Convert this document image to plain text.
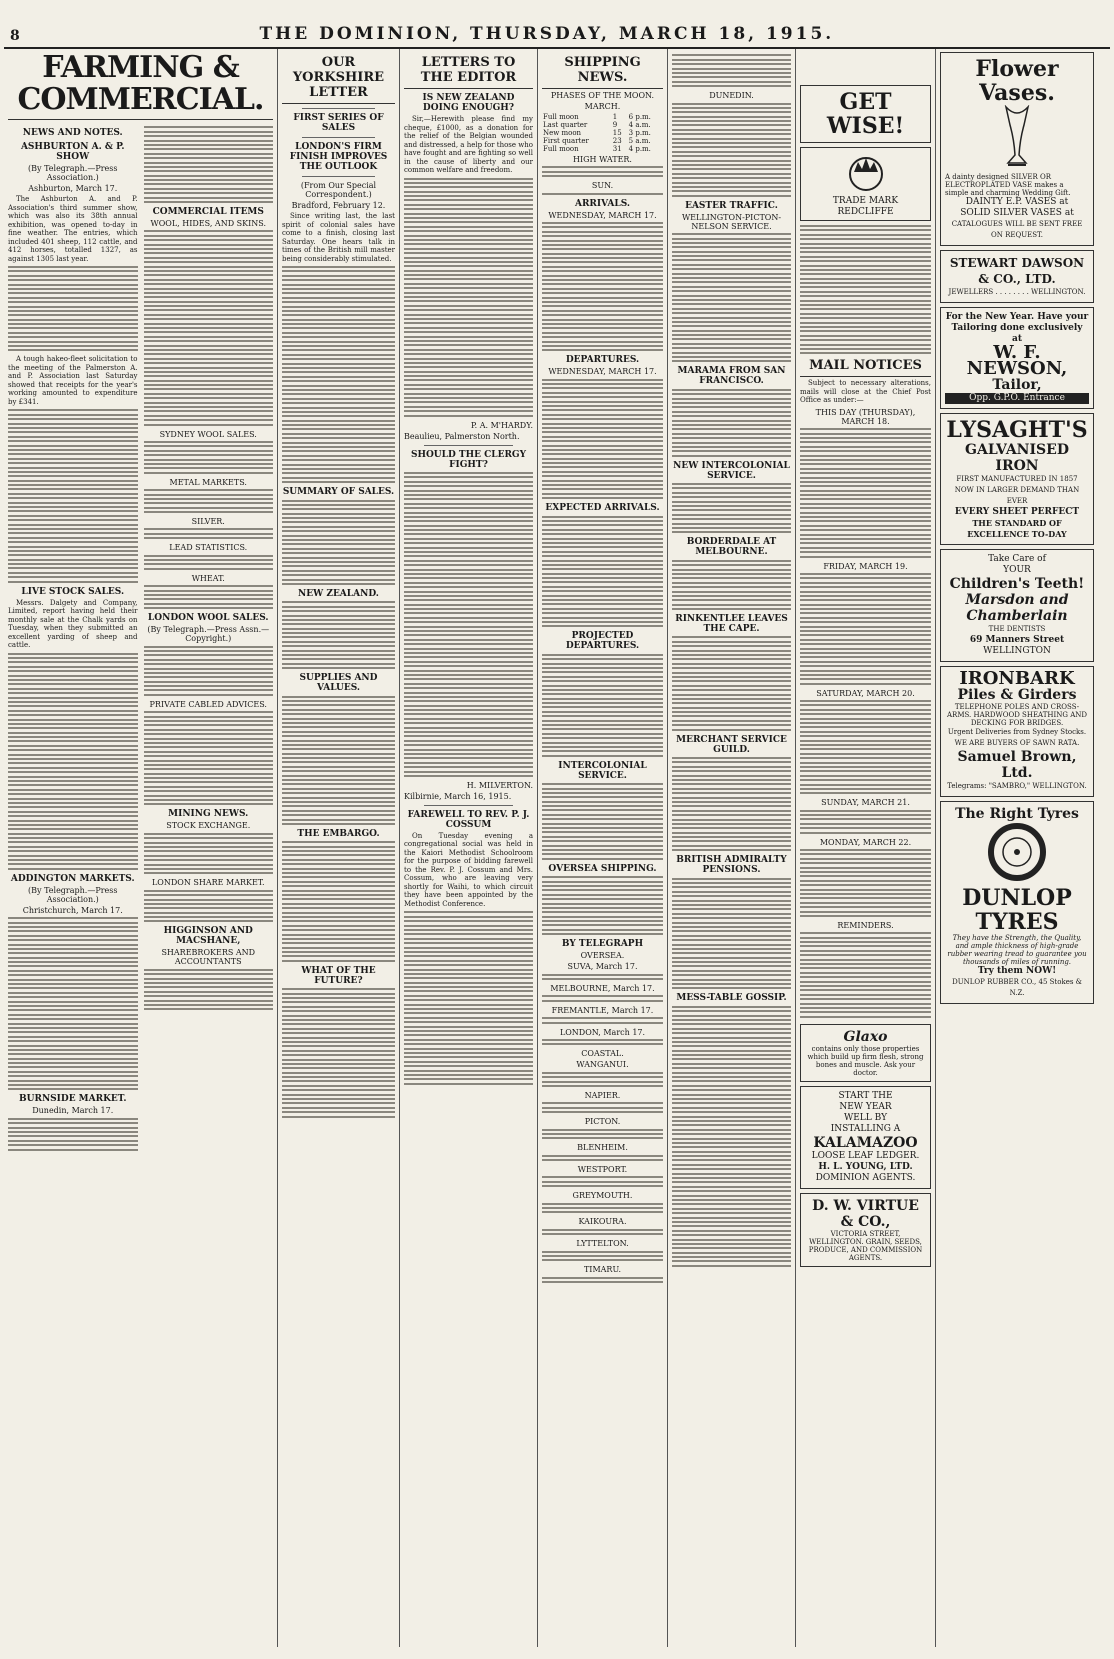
8	THE DOMINION, THURSDAY, MARCH 18, 1915.
FARMING & COMMERCIAL.
NEWS AND NOTES.
ASHBURTON A. & P. SHOW
(By Telegraph.—Press Association.)
Ashburton, March 17.

The Ashburton A. and P. Association's third summer show, which was also its 38th annual exhibition, was opened to-day in fine weather. The entries, which included 401 sheep, 112 cattle, and 412 horses, totalled 1327, as against 1305 last year.

A tough hakeo-fleet solicitation to the meeting of the Palmerston A. and P. Association last Saturday showed that receipts for the year's working amounted to expenditure by £341.

LIVE STOCK SALES.

Messrs. Dalgety and Company, Limited, report having held their monthly sale at the Chalk yards on Tuesday, when they submitted an excellent yarding of sheep and cattle.

ADDINGTON MARKETS.
(By Telegraph.—Press Association.)
Christchurch, March 17.
BURNSIDE MARKET.
Dunedin, March 17.
COMMERCIAL ITEMS
WOOL, HIDES, AND SKINS.
SYDNEY WOOL SALES.
METAL MARKETS.
SILVER.
LEAD STATISTICS.
WHEAT.
LONDON WOOL SALES.
(By Telegraph.—Press Assn.—Copyright.)
PRIVATE CABLED ADVICES.
MINING NEWS.
STOCK EXCHANGE.
LONDON SHARE MARKET.
HIGGINSON AND MACSHANE,
SHAREBROKERS AND ACCOUNTANTS
OUR YORKSHIRE LETTER
FIRST SERIES OF SALES
LONDON'S FIRM FINISH IMPROVES THE OUTLOOK
(From Our Special Correspondent.)
Bradford, February 12.

Since writing last, the last spirit of colonial sales have come to a finish, closing last Saturday. One hears talk in times of the British mill master being considerably stimulated.

SUMMARY OF SALES.
NEW ZEALAND.
SUPPLIES AND VALUES.
THE EMBARGO.
WHAT OF THE FUTURE?
LETTERS TO THE EDITOR
IS NEW ZEALAND DOING ENOUGH?

Sir,—Herewith please find my cheque, £1000, as a donation for the relief of the Belgian wounded and distressed, a help for those who have fought and are fighting so well in the cause of liberty and our common welfare and freedom.

P. A. M'HARDY.
Beaulieu, Palmerston North.
SHOULD THE CLERGY FIGHT?
H. MILVERTON.
Kilbirnie, March 16, 1915.
FAREWELL TO REV. P. J. COSSUM

On Tuesday evening a congregational social was held in the Kaiori Methodist Schoolroom for the purpose of bidding farewell to the Rev. P. J. Cossum and Mrs. Cossum, who are leaving very shortly for Waihi, to which circuit they have been appointed by the Methodist Conference.

SHIPPING NEWS.
PHASES OF THE MOON.
MARCH.
Full moon	1	6 p.m.
Last quarter	9	4 a.m.
New moon	15	3 p.m.
First quarter	23	5 a.m.
Full moon	31	4 p.m.
HIGH WATER.
SUN.
ARRIVALS.
WEDNESDAY, MARCH 17.
DEPARTURES.
WEDNESDAY, MARCH 17.
EXPECTED ARRIVALS.
PROJECTED DEPARTURES.
INTERCOLONIAL SERVICE.
OVERSEA SHIPPING.
BY TELEGRAPH
OVERSEA.
SUVA, March 17.
MELBOURNE, March 17.
FREMANTLE, March 17.
LONDON, March 17.
COASTAL.
WANGANUI.
NAPIER.
PICTON.
BLENHEIM.
WESTPORT.
GREYMOUTH.
KAIKOURA.
LYTTELTON.
TIMARU.
DUNEDIN.
EASTER TRAFFIC.
WELLINGTON-PICTON-NELSON SERVICE.
MARAMA FROM SAN FRANCISCO.
NEW INTERCOLONIAL SERVICE.
BORDERDALE AT MELBOURNE.
RINKENTLEE LEAVES THE CAPE.
MERCHANT SERVICE GUILD.
BRITISH ADMIRALTY PENSIONS.
MESS-TABLE GOSSIP.
GET WISE!
TRADE MARK
REDCLIFFE
MAIL NOTICES

Subject to necessary alterations, mails will close at the Chief Post Office as under:—

THIS DAY (THURSDAY), MARCH 18.
FRIDAY, MARCH 19.
SATURDAY, MARCH 20.
SUNDAY, MARCH 21.
MONDAY, MARCH 22.
REMINDERS.
Glaxo
contains only those properties which build up firm flesh, strong bones and muscle. Ask your doctor.
START THE
NEW YEAR
WELL BY
INSTALLING A
KALAMAZOO
LOOSE LEAF LEDGER.
H. L. YOUNG, LTD.
DOMINION AGENTS.
D. W. VIRTUE & CO.,
VICTORIA STREET, WELLINGTON. GRAIN, SEEDS, PRODUCE, AND COMMISSION AGENTS.
Flower Vases.
A dainty designed SILVER OR ELECTROPLATED VASE makes a simple and charming Wedding Gift.
DAINTY E.P. VASES at
SOLID SILVER VASES at
CATALOGUES WILL BE SENT FREE ON REQUEST.
STEWART DAWSON & CO., LTD.
JEWELLERS . . . . . . . . WELLINGTON.
For the New Year. Have your Tailoring done exclusively at
W. F. NEWSON,
Tailor,
Opp. G.P.O. Entrance
LYSAGHT'S
GALVANISED
IRON
FIRST MANUFACTURED IN 1857
NOW IN LARGER DEMAND THAN EVER
EVERY SHEET PERFECT
THE STANDARD OF EXCELLENCE TO-DAY
Take Care of
YOUR
Children's Teeth!
Marsdon and
Chamberlain
THE DENTISTS
69 Manners Street
WELLINGTON
IRONBARK
Piles & Girders
TELEPHONE POLES AND CROSS-ARMS. HARDWOOD SHEATHING AND DECKING FOR BRIDGES.
Urgent Deliveries from Sydney Stocks.
WE ARE BUYERS OF SAWN RATA.
Samuel Brown, Ltd.
Telegrams: "SAMBRO," WELLINGTON.
The Right Tyres
DUNLOP
TYRES
They have the Strength, the Quality, and ample thickness of high-grade rubber wearing tread to guarantee you thousands of miles of running.
Try them NOW!
DUNLOP RUBBER CO., 45 Stokes & N.Z.
